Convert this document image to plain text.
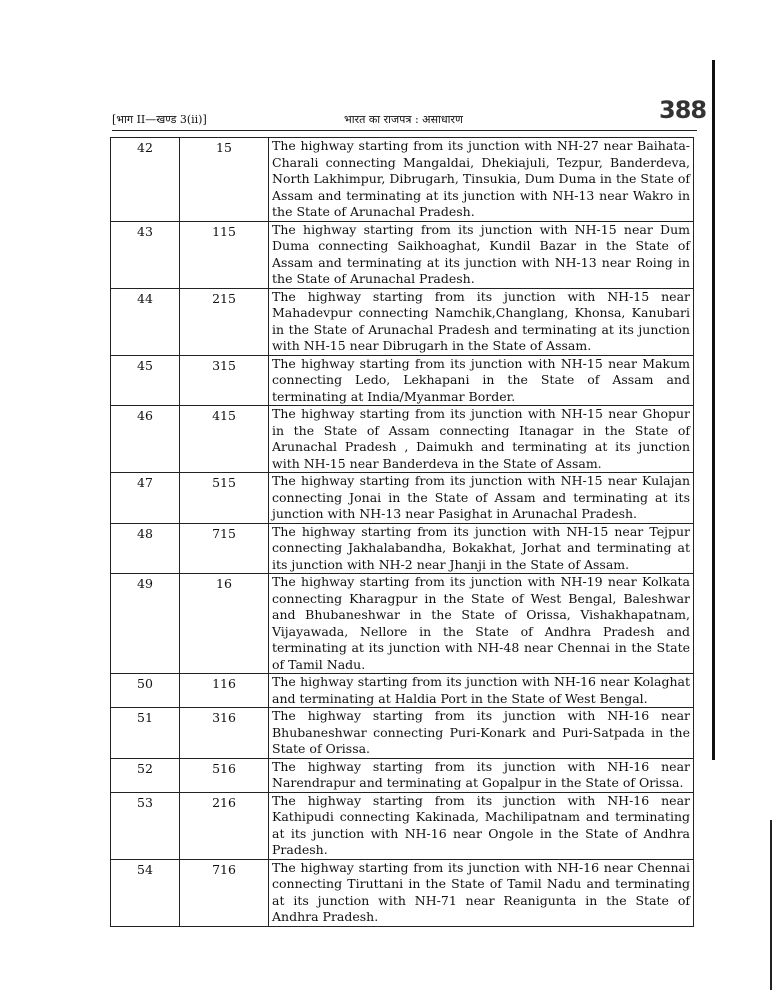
[भाग II—खण्ड 3(ii)]	भारत का राजपत्र : असाधारण	388
42	15	The highway starting from its junction with NH-27 near Baihata-Charali connecting Mangaldai, Dhekiajuli, Tezpur, Banderdeva, North Lakhimpur, Dibrugarh, Tinsukia, Dum Duma in the State of Assam and terminating at its junction with NH-13 near Wakro in the State of Arunachal Pradesh.
43	115	The highway starting from its junction with NH-15 near Dum Duma connecting Saikhoaghat, Kundil Bazar in the State of Assam and terminating at its junction with NH-13 near Roing in the State of Arunachal Pradesh.
44	215	The highway starting from its junction with NH-15 near Mahadevpur connecting Namchik,Changlang, Khonsa, Kanubari in the State of Arunachal Pradesh and terminating at its junction with NH-15 near Dibrugarh in the State of Assam.
45	315	The highway starting from its junction with NH-15 near Makum connecting Ledo, Lekhapani in the State of Assam and terminating at India/Myanmar Border.
46	415	The highway starting from its junction with NH-15 near Ghopur in the State of Assam connecting Itanagar in the State of Arunachal Pradesh , Daimukh and terminating at its junction with NH-15 near Banderdeva in the State of Assam.
47	515	The highway starting from its junction with NH-15 near Kulajan connecting Jonai in the State of Assam and terminating at its junction with NH-13 near Pasighat in Arunachal Pradesh.
48	715	The highway starting from its junction with NH-15 near Tejpur connecting Jakhalabandha, Bokakhat, Jorhat and terminating at its junction with NH-2 near Jhanji in the State of Assam.
49	16	The highway starting from its junction with NH-19 near Kolkata connecting Kharagpur in the State of West Bengal, Baleshwar and Bhubaneshwar in the State of Orissa, Vishakhapatnam, Vijayawada, Nellore in the State of Andhra Pradesh and terminating at its junction with NH-48 near Chennai in the State of Tamil Nadu.
50	116	The highway starting from its junction with NH-16 near Kolaghat and terminating at Haldia Port in the State of West Bengal.
51	316	The highway starting from its junction with NH-16 near Bhubaneshwar connecting Puri-Konark and Puri-Satpada in the State of Orissa.
52	516	The highway starting from its junction with NH-16 near Narendrapur and terminating at Gopalpur in the State of Orissa.
53	216	The highway starting from its junction with NH-16 near Kathipudi connecting Kakinada, Machilipatnam and terminating at its junction with NH-16 near Ongole in the State of Andhra Pradesh.
54	716	The highway starting from its junction with NH-16 near Chennai connecting Tiruttani in the State of Tamil Nadu and terminating at its junction with NH-71 near Reanigunta in the State of Andhra Pradesh.
